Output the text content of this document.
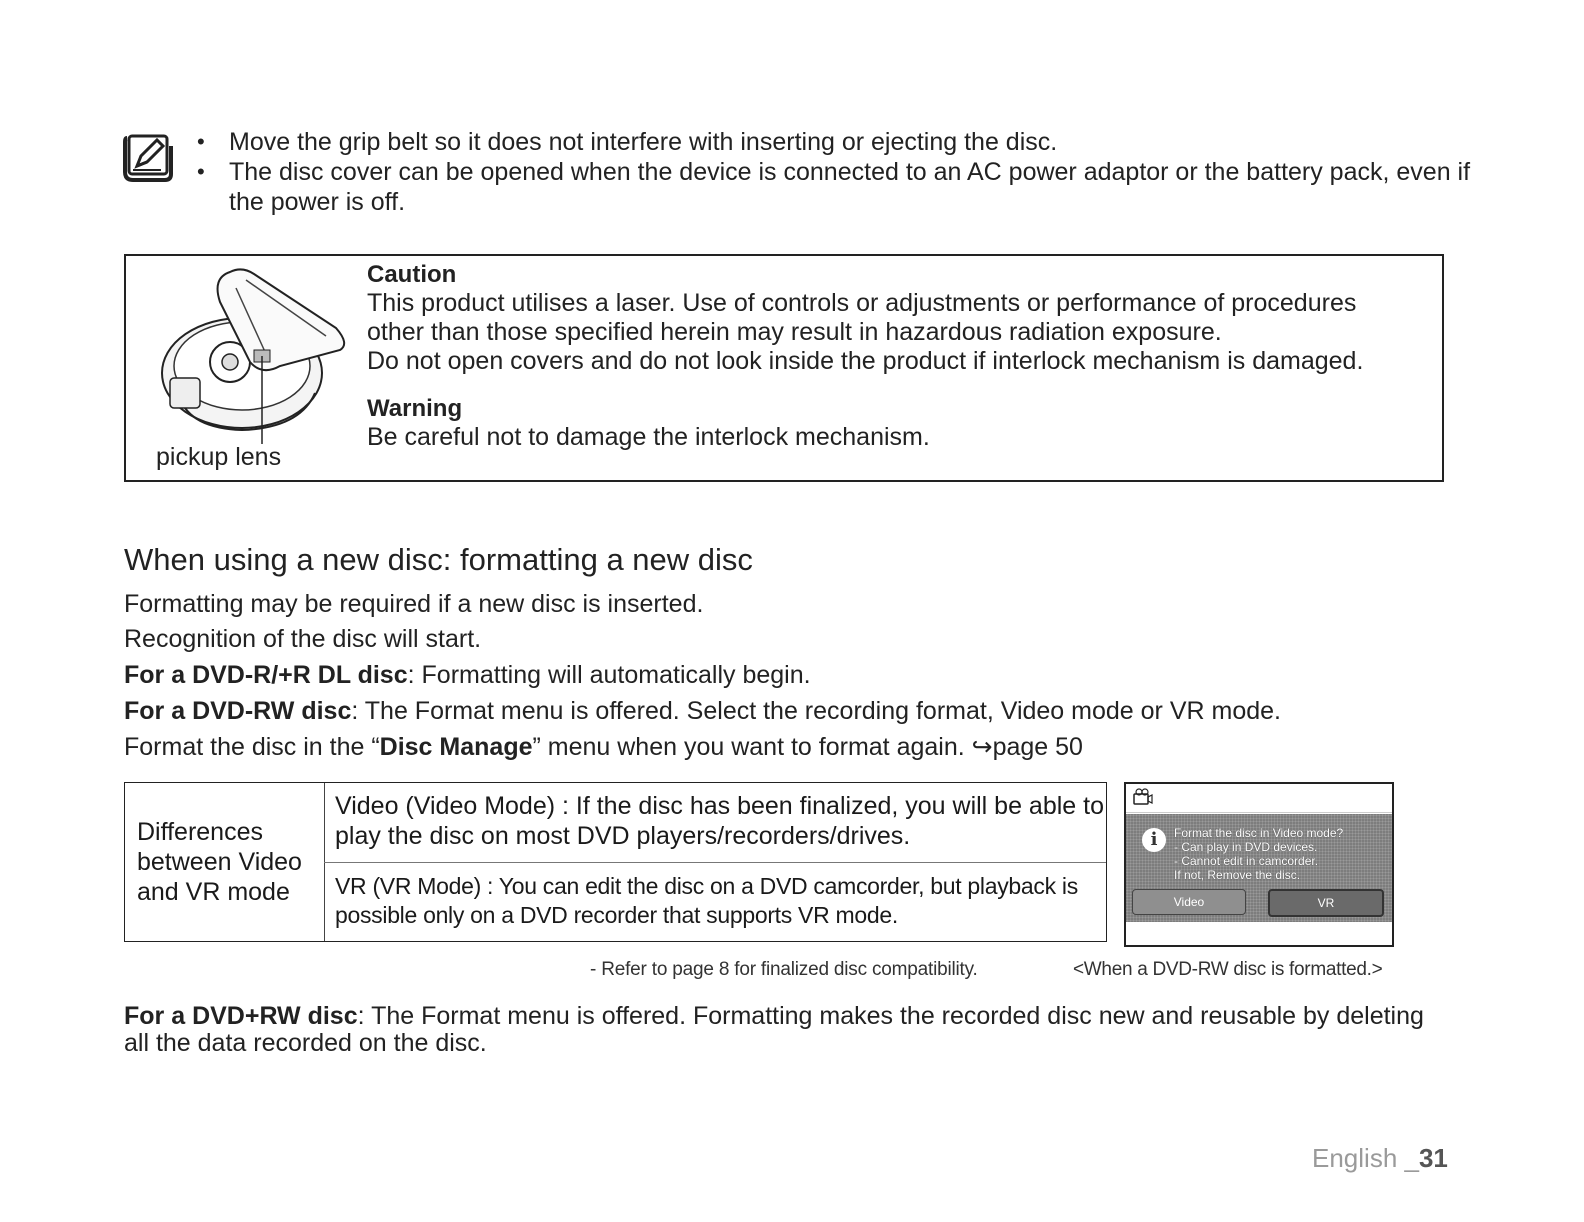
• Move the grip belt so it does not interfere with inserting or ejecting the disc.
• The disc cover can be opened when the device is connected to an AC power adaptor or the battery pack, even if the power is off.
pickup lens

Caution

This product utilises a laser. Use of controls or adjustments or performance of procedures

other than those specified herein may result in hazardous radiation exposure.

Do not open covers and do not look inside the product if interlock mechanism is damaged.

Warning

Be careful not to damage the interlock mechanism.

When using a new disc: formatting a new disc
Formatting may be required if a new disc is inserted.
Recognition of the disc will start.
For a DVD-R/+R DL disc: Formatting will automatically begin.
For a DVD-RW disc: The Format menu is offered. Select the recording format, Video mode or VR mode.
Format the disc in the “Disc Manage” menu when you want to format again. ↪page 50
Differences between Video and VR mode
Video (Video Mode) : If the disc has been finalized, you will be able to play the disc on most DVD players/recorders/drives.
VR (VR Mode) : You can edit the disc on a DVD camcorder, but playback is possible only on a DVD recorder that supports VR mode.
i	Format the disc in Video mode?
- Can play in DVD devices.
- Cannot edit in camcorder.
If not, Remove the disc.
Video	VR
- Refer to page 8 for finalized disc compatibility.	<When a DVD-RW disc is formatted.>
For a DVD+RW disc: The Format menu is offered. Formatting makes the recorded disc new and reusable by deleting all the data recorded on the disc.
English _31
